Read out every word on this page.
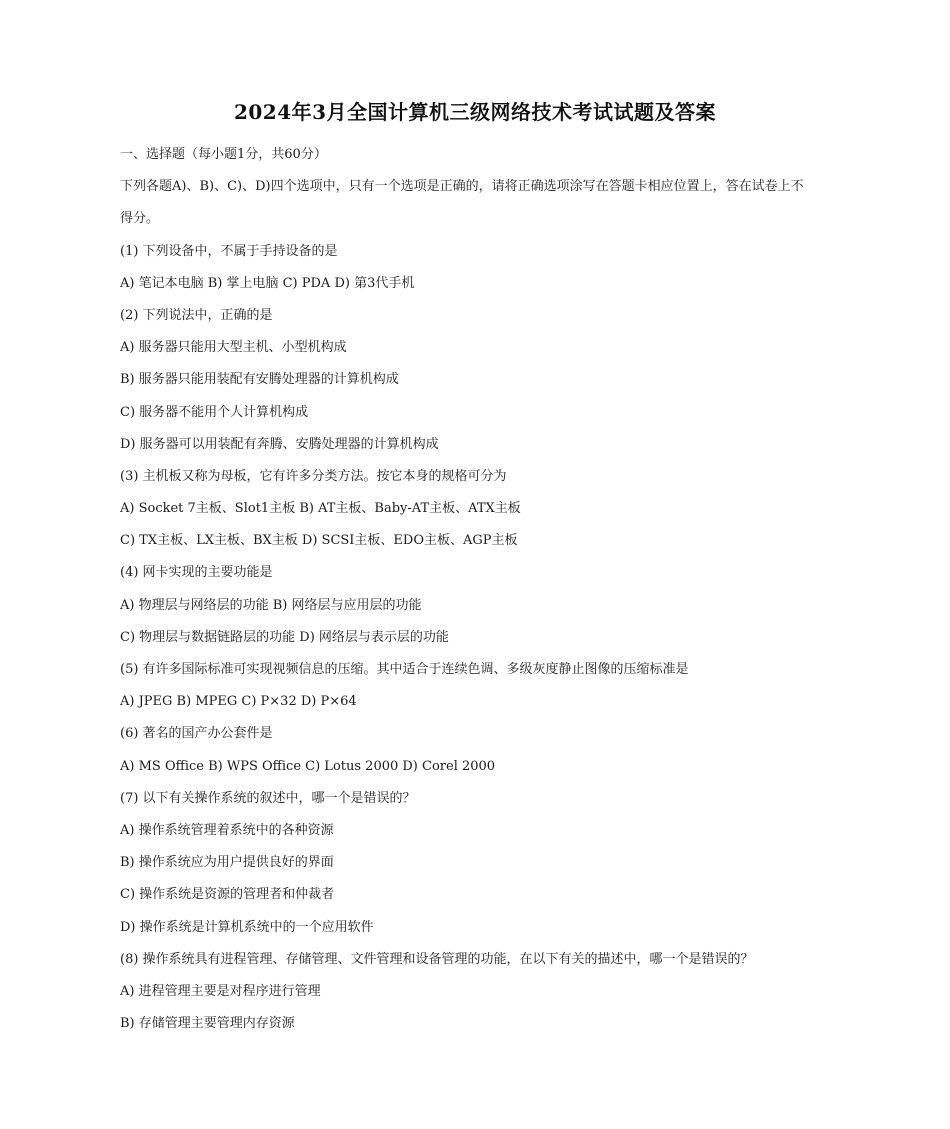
2024年3月全国计算机三级网络技术考试试题及答案
一、选择题（每小题1分，共60分）
下列各题A)、B)、C)、D)四个选项中，只有一个选项是正确的，请将正确选项涂写在答题卡相应位置上，答在试卷上不
得分。
(1) 下列设备中，不属于手持设备的是
A) 笔记本电脑 B) 掌上电脑 C) PDA D) 第3代手机
(2) 下列说法中，正确的是
A) 服务器只能用大型主机、小型机构成
B) 服务器只能用装配有安腾处理器的计算机构成
C) 服务器不能用个人计算机构成
D) 服务器可以用装配有奔腾、安腾处理器的计算机构成
(3) 主机板又称为母板，它有许多分类方法。按它本身的规格可分为
A) Socket 7主板、Slot1主板 B) AT主板、Baby-AT主板、ATX主板
C) TX主板、LX主板、BX主板 D) SCSI主板、EDO主板、AGP主板
(4) 网卡实现的主要功能是
A) 物理层与网络层的功能 B) 网络层与应用层的功能
C) 物理层与数据链路层的功能 D) 网络层与表示层的功能
(5) 有许多国际标准可实现视频信息的压缩。其中适合于连续色调、多级灰度静止图像的压缩标准是
A) JPEG B) MPEG C) P×32 D) P×64
(6) 著名的国产办公套件是
A) MS Office B) WPS Office C) Lotus 2000 D) Corel 2000
(7) 以下有关操作系统的叙述中，哪一个是错误的？
A) 操作系统管理着系统中的各种资源
B) 操作系统应为用户提供良好的界面
C) 操作系统是资源的管理者和仲裁者
D) 操作系统是计算机系统中的一个应用软件
(8) 操作系统具有进程管理、存储管理、文件管理和设备管理的功能，在以下有关的描述中，哪一个是错误的？
A) 进程管理主要是对程序进行管理
B) 存储管理主要管理内存资源
